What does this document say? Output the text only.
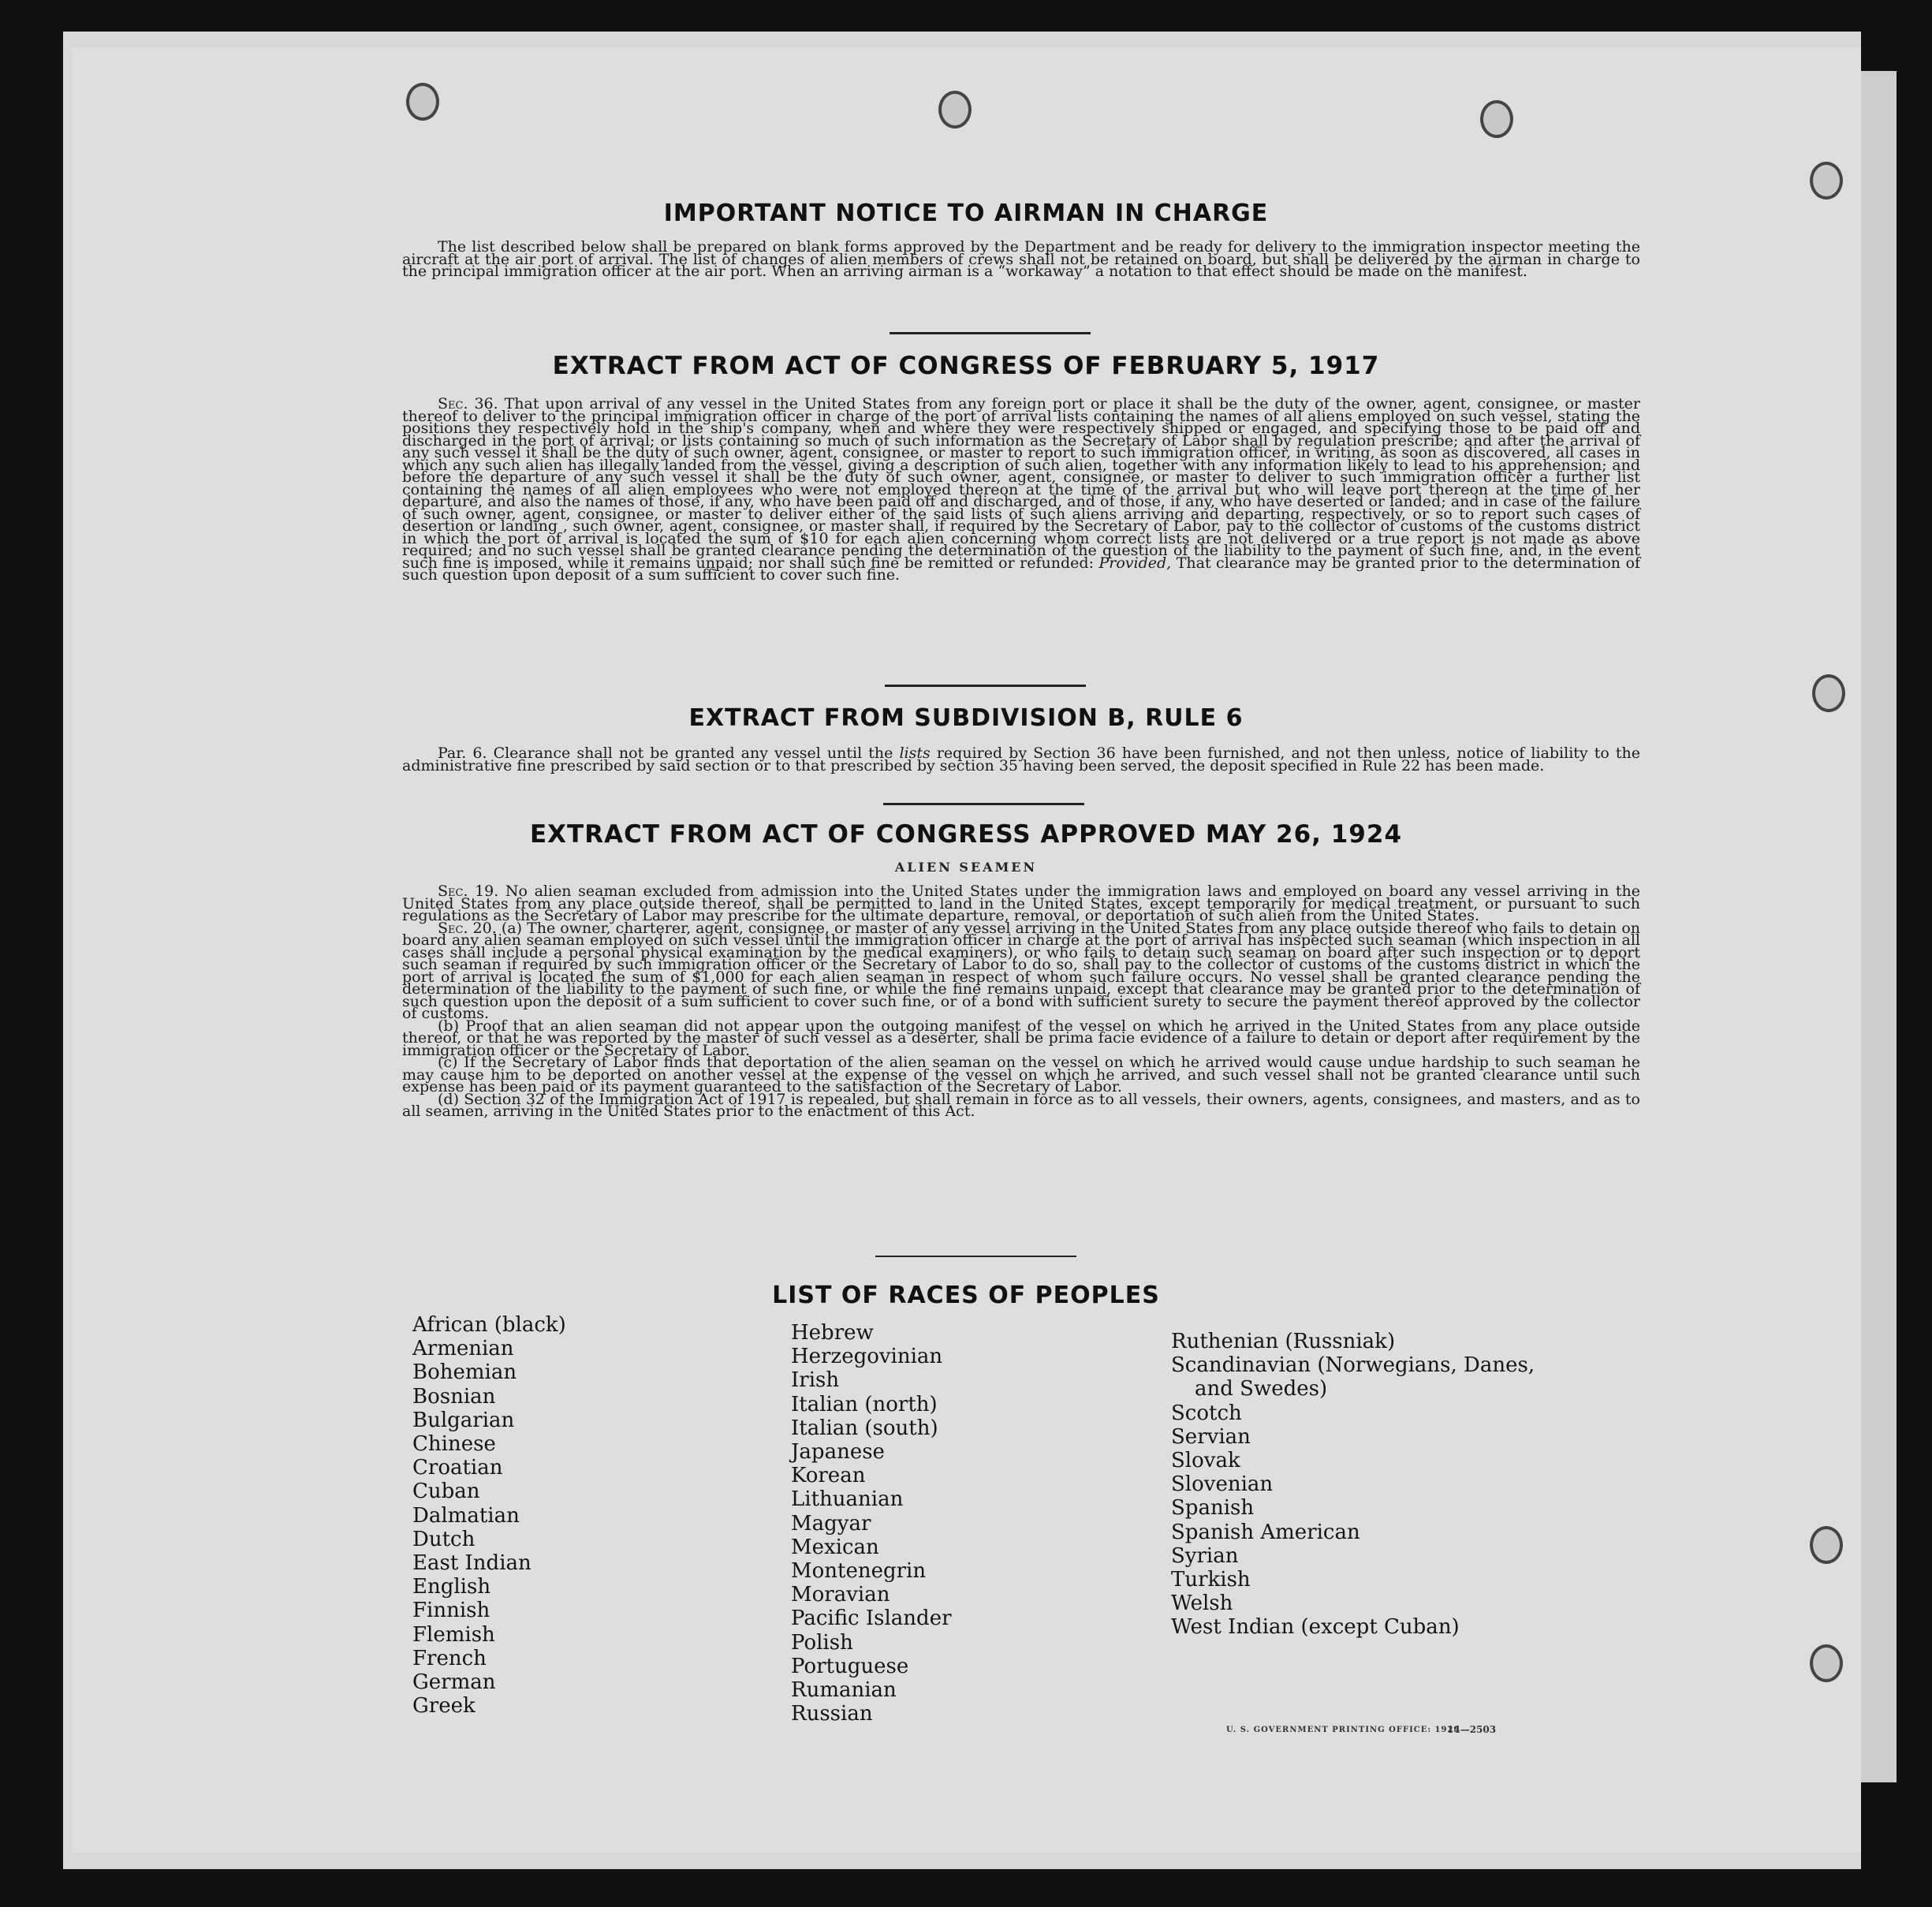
IMPORTANT NOTICE TO AIRMAN IN CHARGE

The list described below shall be prepared on blank forms approved by the Department and be ready for delivery to the immigration inspector meeting the aircraft at the air port of arrival. The list of changes of alien members of crews shall not be retained on board, but shall be delivered by the airman in charge to the principal immigration officer at the air port. When an arriving airman is a “workaway” a notation to that effect should be made on the manifest.

EXTRACT FROM ACT OF CONGRESS OF FEBRUARY 5, 1917

Sec. 36. That upon arrival of any vessel in the United States from any foreign port or place it shall be the duty of the owner, agent, consignee, or master thereof to deliver to the principal immigration officer in charge of the port of arrival lists containing the names of all aliens employed on such vessel, stating the positions they respectively hold in the ship's company, when and where they were respectively shipped or engaged, and specifying those to be paid off and discharged in the port of arrival; or lists containing so much of such information as the Secretary of Labor shall by regulation prescribe; and after the arrival of any such vessel it shall be the duty of such owner, agent, consignee, or master to report to such immigration officer, in writing, as soon as discovered, all cases in which any such alien has illegally landed from the vessel, giving a description of such alien, together with any information likely to lead to his apprehension; and before the departure of any such vessel it shall be the duty of such owner, agent, consignee, or master to deliver to such immigration officer a further list containing the names of all alien employees who were not employed thereon at the time of the arrival but who will leave port thereon at the time of her departure, and also the names of those, if any, who have been paid off and discharged, and of those, if any, who have deserted or landed; and in case of the failure of such owner, agent, consignee, or master to deliver either of the said lists of such aliens arriving and departing, respectively, or so to report such cases of desertion or landing , such owner, agent, consignee, or master shall, if required by the Secretary of Labor, pay to the collector of customs of the customs district in which the port of arrival is located the sum of $10 for each alien concerning whom correct lists are not delivered or a true report is not made as above required; and no such vessel shall be granted clearance pending the determination of the question of the liability to the payment of such fine, and, in the event such fine is imposed, while it remains unpaid; nor shall such fine be remitted or refunded: Provided, That clearance may be granted prior to the determination of such question upon deposit of a sum sufficient to cover such fine.

EXTRACT FROM SUBDIVISION B, RULE 6

Par. 6. Clearance shall not be granted any vessel until the lists required by Section 36 have been furnished, and not then unless, notice of liability to the administrative fine prescribed by said section or to that prescribed by section 35 having been served, the deposit specified in Rule 22 has been made.

EXTRACT FROM ACT OF CONGRESS APPROVED MAY 26, 1924
ALIEN SEAMEN

Sec. 19. No alien seaman excluded from admission into the United States under the immigration laws and employed on board any vessel arriving in the United States from any place outside thereof, shall be permitted to land in the United States, except temporarily for medical treatment, or pursuant to such regulations as the Secretary of Labor may prescribe for the ultimate departure, removal, or deportation of such alien from the United States.

Sec. 20. (a) The owner, charterer, agent, consignee, or master of any vessel arriving in the United States from any place outside thereof who fails to detain on board any alien seaman employed on such vessel until the immigration officer in charge at the port of arrival has inspected such seaman (which inspection in all cases shall include a personal physical examination by the medical examiners), or who fails to detain such seaman on board after such inspection or to deport such seaman if required by such immigration officer or the Secretary of Labor to do so, shall pay to the collector of customs of the customs district in which the port of arrival is located the sum of $1,000 for each alien seaman in respect of whom such failure occurs. No vessel shall be granted clearance pending the determination of the liability to the payment of such fine, or while the fine remains unpaid, except that clearance may be granted prior to the determination of such question upon the deposit of a sum sufficient to cover such fine, or of a bond with sufficient surety to secure the payment thereof approved by the collector of customs.

(b) Proof that an alien seaman did not appear upon the outgoing manifest of the vessel on which he arrived in the United States from any place outside thereof, or that he was reported by the master of such vessel as a deserter, shall be prima facie evidence of a failure to detain or deport after requirement by the immigration officer or the Secretary of Labor.

(c) If the Secretary of Labor finds that deportation of the alien seaman on the vessel on which he arrived would cause undue hardship to such seaman he may cause him to be deported on another vessel at the expense of the vessel on which he arrived, and such vessel shall not be granted clearance until such expense has been paid or its payment guaranteed to the satisfaction of the Secretary of Labor.

(d) Section 32 of the Immigration Act of 1917 is repealed, but shall remain in force as to all vessels, their owners, agents, consignees, and masters, and as to all seamen, arriving in the United States prior to the enactment of this Act.

LIST OF RACES OF PEOPLES
African (black)
Armenian
Bohemian
Bosnian
Bulgarian
Chinese
Croatian
Cuban
Dalmatian
Dutch
East Indian
English
Finnish
Flemish
French
German
Greek
Hebrew
Herzegovinian
Irish
Italian (north)
Italian (south)
Japanese
Korean
Lithuanian
Magyar
Mexican
Montenegrin
Moravian
Pacific Islander
Polish
Portuguese
Rumanian
Russian
Ruthenian (Russniak)
Scandinavian (Norwegians, Danes,
and Swedes)
Scotch
Servian
Slovak
Slovenian
Spanish
Spanish American
Syrian
Turkish
Welsh
West Indian (except Cuban)
U. S. GOVERNMENT PRINTING OFFICE: 1929
14—2503
